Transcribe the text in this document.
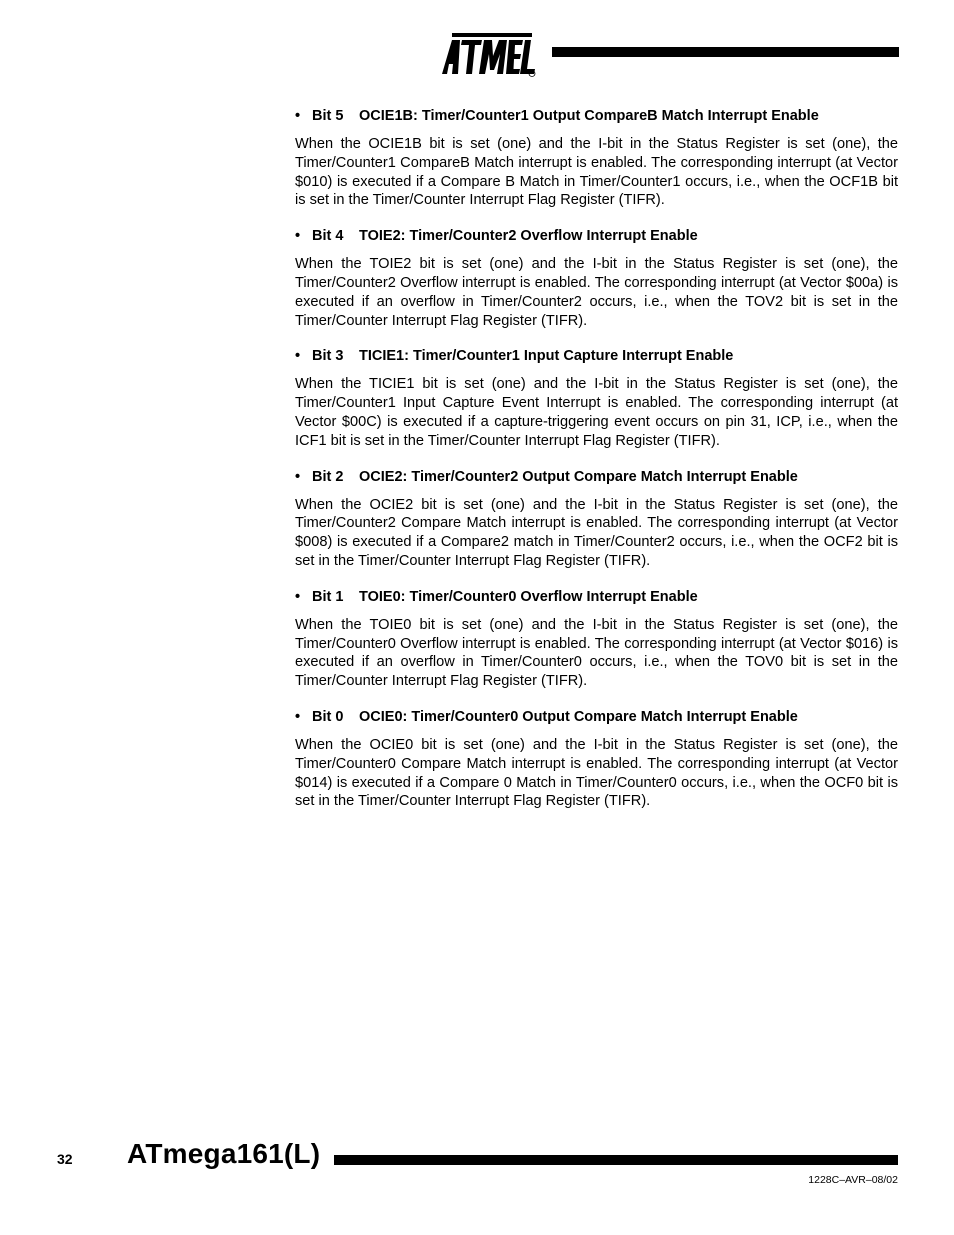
• Bit 5 OCIE1B: Timer/Counter1 Output CompareB Match Interrupt Enable

When the OCIE1B bit is set (one) and the I-bit in the Status Register is set (one), the Timer/Counter1 CompareB Match interrupt is enabled. The corresponding interrupt (at Vector $010) is executed if a Compare B Match in Timer/Counter1 occurs, i.e., when the OCF1B bit is set in the Timer/Counter Interrupt Flag Register (TIFR).

• Bit 4 TOIE2: Timer/Counter2 Overflow Interrupt Enable

When the TOIE2 bit is set (one) and the I-bit in the Status Register is set (one), the Timer/Counter2 Overflow interrupt is enabled. The corresponding interrupt (at Vector $00a) is executed if an overflow in Timer/Counter2 occurs, i.e., when the TOV2 bit is set in the Timer/Counter Interrupt Flag Register (TIFR).

• Bit 3 TICIE1: Timer/Counter1 Input Capture Interrupt Enable

When the TICIE1 bit is set (one) and the I-bit in the Status Register is set (one), the Timer/Counter1 Input Capture Event Interrupt is enabled. The corresponding interrupt (at Vector $00C) is executed if a capture-triggering event occurs on pin 31, ICP, i.e., when the ICF1 bit is set in the Timer/Counter Interrupt Flag Register (TIFR).

• Bit 2 OCIE2: Timer/Counter2 Output Compare Match Interrupt Enable

When the OCIE2 bit is set (one) and the I-bit in the Status Register is set (one), the Timer/Counter2 Compare Match interrupt is enabled. The corresponding interrupt (at Vector $008) is executed if a Compare2 match in Timer/Counter2 occurs, i.e., when the OCF2 bit is set in the Timer/Counter Interrupt Flag Register (TIFR).

• Bit 1 TOIE0: Timer/Counter0 Overflow Interrupt Enable

When the TOIE0 bit is set (one) and the I-bit in the Status Register is set (one), the Timer/Counter0 Overflow interrupt is enabled. The corresponding interrupt (at Vector $016) is executed if an overflow in Timer/Counter0 occurs, i.e., when the TOV0 bit is set in the Timer/Counter Interrupt Flag Register (TIFR).

• Bit 0 OCIE0: Timer/Counter0 Output Compare Match Interrupt Enable

When the OCIE0 bit is set (one) and the I-bit in the Status Register is set (one), the Timer/Counter0 Compare Match interrupt is enabled. The corresponding interrupt (at Vector $014) is executed if a Compare 0 Match in Timer/Counter0 occurs, i.e., when the OCF0 bit is set in the Timer/Counter Interrupt Flag Register (TIFR).

32 ATmega161(L)
1228C–AVR–08/02
